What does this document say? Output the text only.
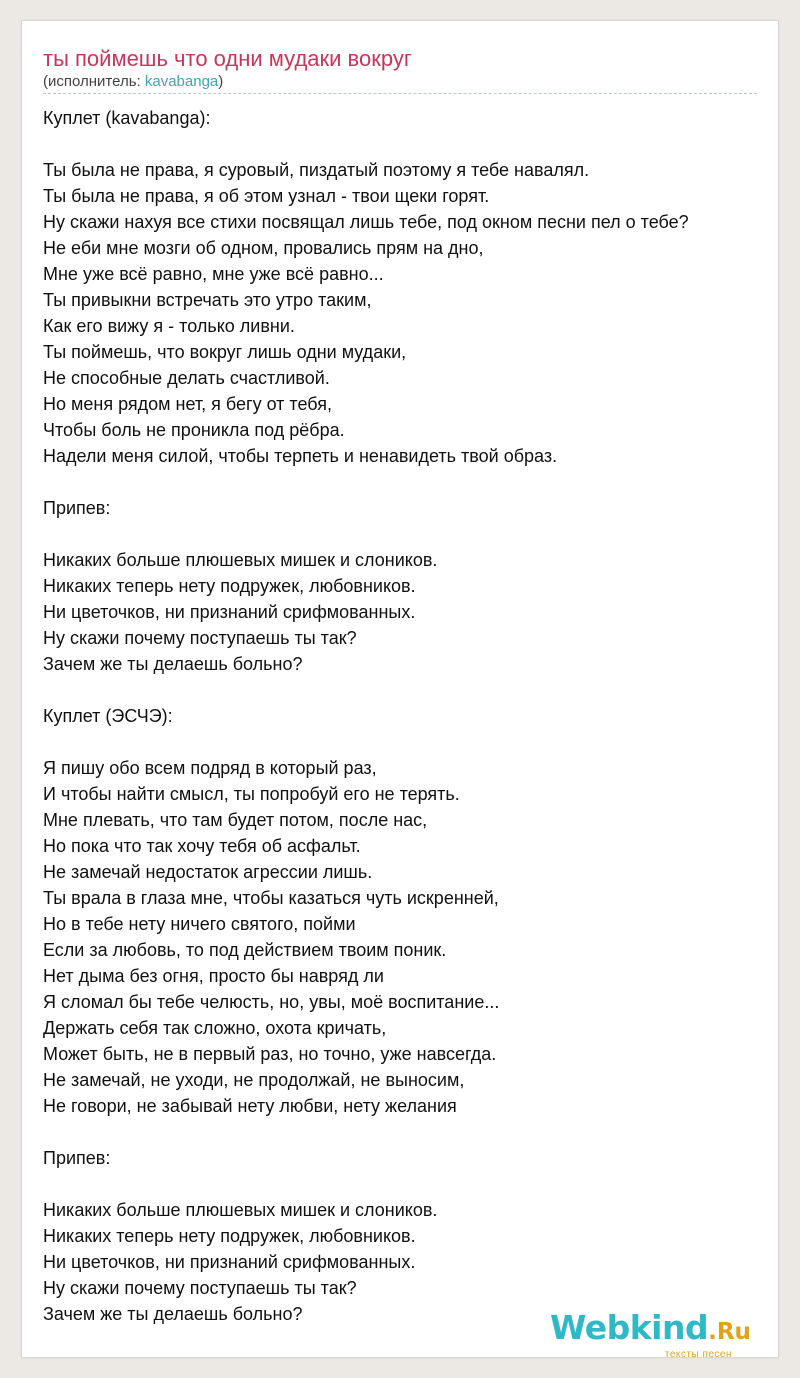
ты поймешь что одни мудаки вокруг
(исполнитель: kavabanga)
Куплет (kavabanga):
Ты была не права, я суровый, пиздатый поэтому я тебе навалял.
Ты была не права, я об этом узнал - твои щеки горят.
Ну скажи нахуя все стихи посвящал лишь тебе, под окном песни пел о тебе?
Не еби мне мозги об одном, провались прям на дно,
Мне уже всё равно, мне уже всё равно...
Ты привыкни встречать это утро таким,
Как его вижу я - только ливни.
Ты поймешь, что вокруг лишь одни мудаки,
Не способные делать счастливой.
Но меня рядом нет, я бегу от тебя,
Чтобы боль не проникла под рёбра.
Надели меня силой, чтобы терпеть и ненавидеть твой образ.
Припев:
Никаких больше плюшевых мишек и слоников.
Никаких теперь нету подружек, любовников.
Ни цветочков, ни признаний срифмованных.
Ну скажи почему поступаешь ты так?
Зачем же ты делаешь больно?
Куплет (ЭСЧЭ):
Я пишу обо всем подряд в который раз,
И чтобы найти смысл, ты попробуй его не терять.
Мне плевать, что там будет потом, после нас,
Но пока что так хочу тебя об асфальт.
Не замечай недостаток агрессии лишь.
Ты врала в глаза мне, чтобы казаться чуть искренней,
Но в тебе нету ничего святого, пойми
Если за любовь, то под действием твоим поник.
Нет дыма без огня, просто бы навряд ли
Я сломал бы тебе челюсть, но, увы, моё воспитание...
Держать себя так сложно, охота кричать,
Может быть, не в первый раз, но точно, уже навсегда.
Не замечай, не уходи, не продолжай, не выносим,
Не говори, не забывай нету любви, нету желания
Припев:
Никаких больше плюшевых мишек и слоников.
Никаких теперь нету подружек, любовников.
Ни цветочков, ни признаний срифмованных.
Ну скажи почему поступаешь ты так?
Зачем же ты делаешь больно?	Webkind.Ru
тексты песен
